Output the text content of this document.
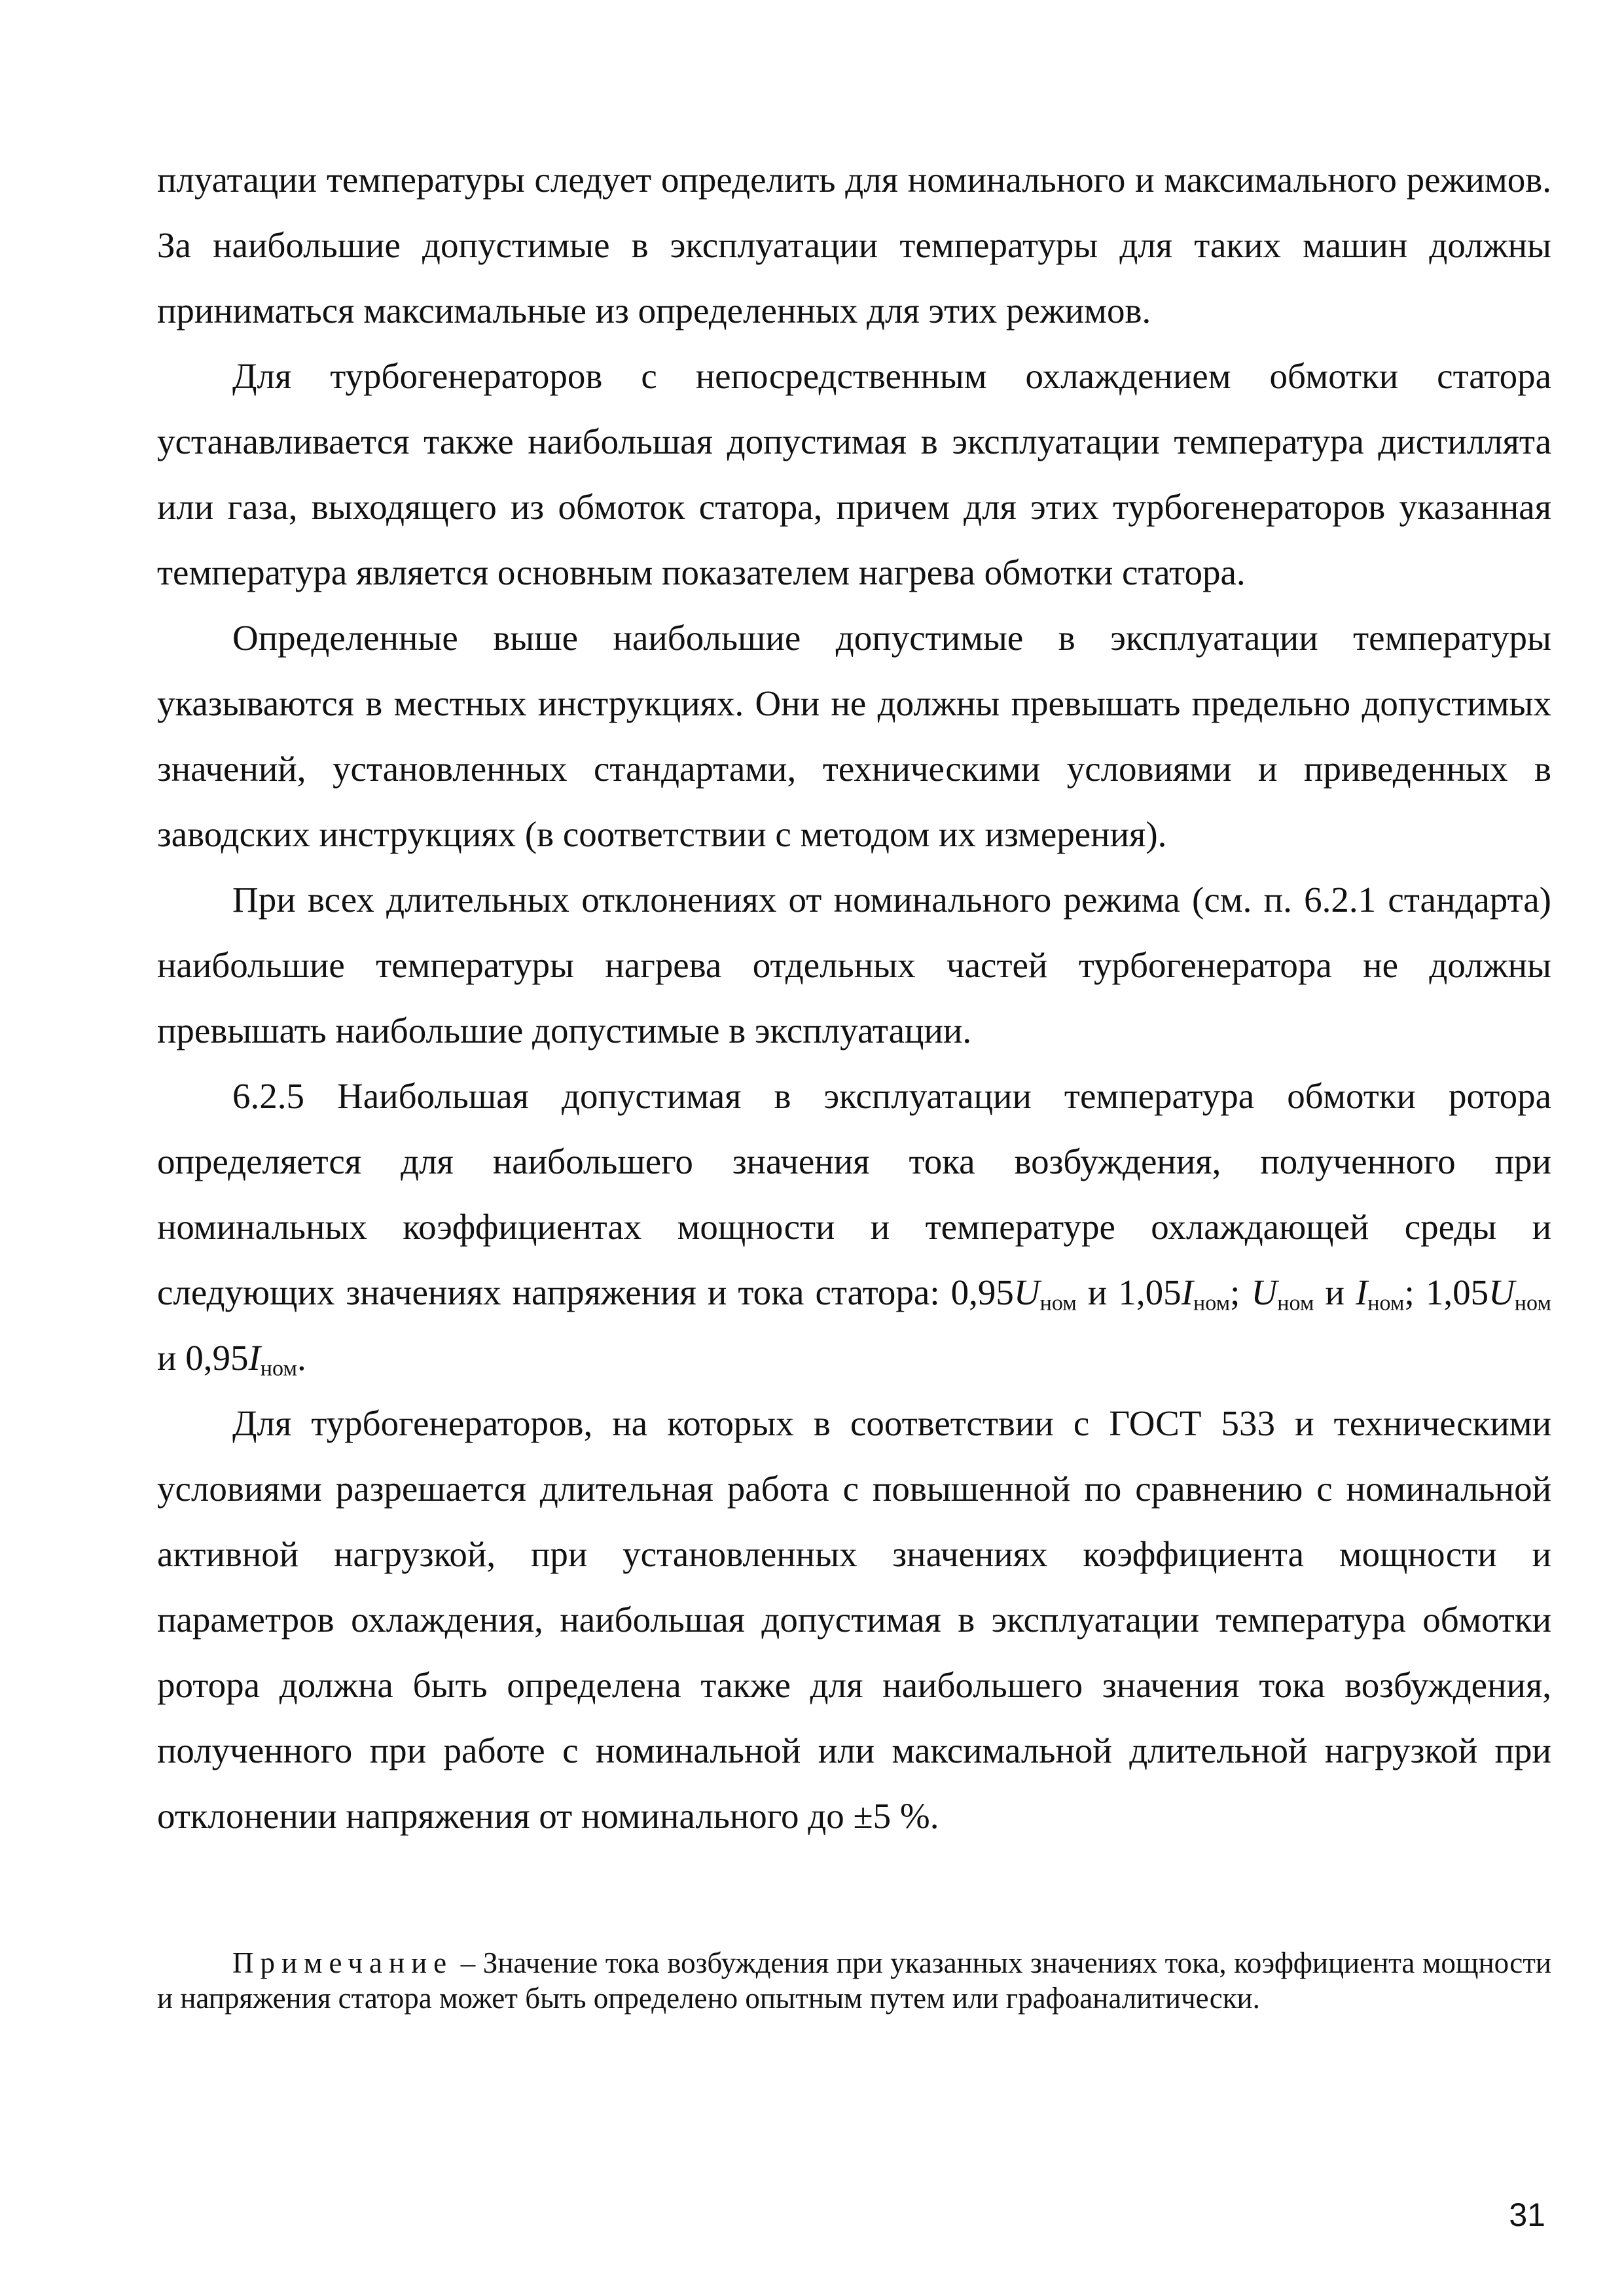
плуатации температуры следует определить для номинального и максимального режимов. За наибольшие допустимые в эксплуатации температуры для таких машин должны приниматься максимальные из определенных для этих режимов.

Для турбогенераторов с непосредственным охлаждением обмотки статора устанавливается также наибольшая допустимая в эксплуатации температура дистиллята или газа, выходящего из обмоток статора, причем для этих турбогенераторов указанная температура является основным показателем нагрева обмотки статора.

Определенные выше наибольшие допустимые в эксплуатации температуры указываются в местных инструкциях. Они не должны превышать предельно допустимых значений, установленных стандартами, техническими условиями и приведенных в заводских инструкциях (в соответствии с методом их измерения).

При всех длительных отклонениях от номинального режима (см. п. 6.2.1 стандарта) наибольшие температуры нагрева отдельных частей турбогенератора не должны превышать наибольшие допустимые в эксплуатации.

6.2.5 Наибольшая допустимая в эксплуатации температура обмотки ротора определяется для наибольшего значения тока возбуждения, полученного при номинальных коэффициентах мощности и температуре охлаждающей среды и следующих значениях напряжения и тока статора: $0,95U_{ном}$ и $1,05I_{ном}$; $U_{ном}$ и $I_{ном}$; $1,05U_{ном}$ и $0,95I_{ном}$.

Для турбогенераторов, на которых в соответствии с ГОСТ 533 и техническими условиями разрешается длительная работа с повышенной по сравнению с номинальной активной нагрузкой, при установленных значениях коэффициента мощности и параметров охлаждения, наибольшая допустимая в эксплуатации температура обмотки ротора должна быть определена также для наибольшего значения тока возбуждения, полученного при работе с номинальной или максимальной длительной нагрузкой при отклонении напряжения от номинального до ±5 %.

Примечание – Значение тока возбуждения при указанных значениях тока, коэффициента мощности и напряжения статора может быть определено опытным путем или графоаналитически.
31
